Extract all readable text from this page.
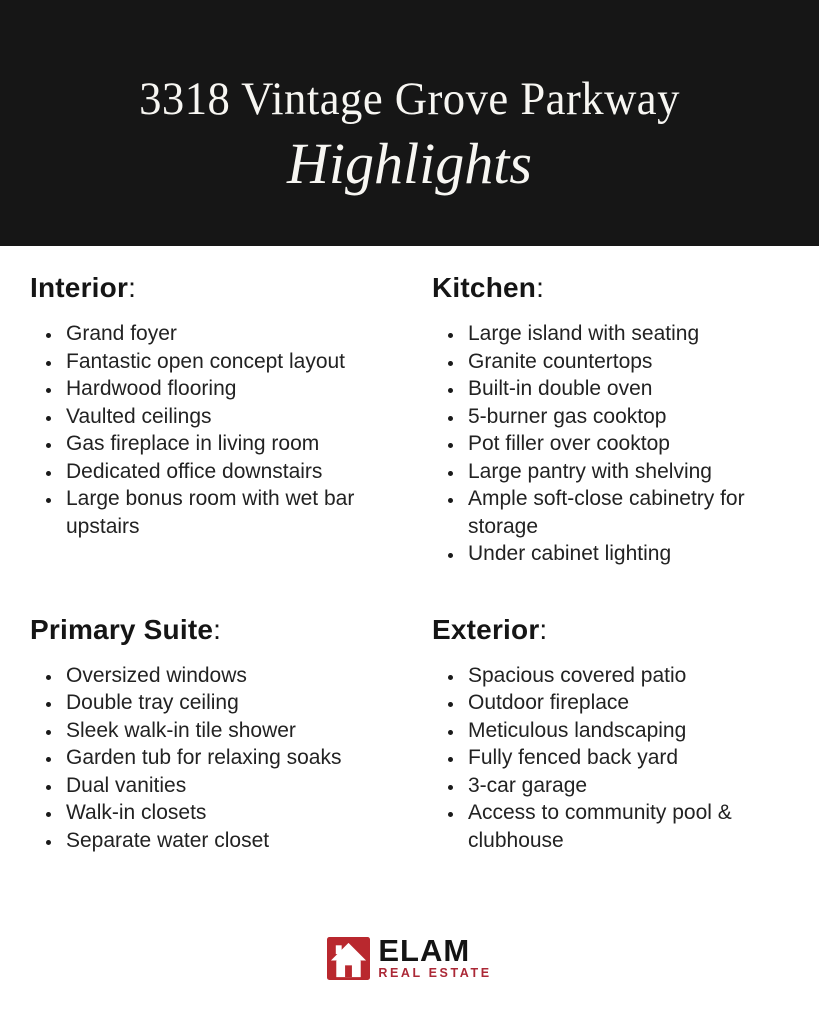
3318 Vintage Grove Parkway
Highlights
Interior:
• Grand foyer
• Fantastic open concept layout
• Hardwood flooring
• Vaulted ceilings
• Gas fireplace in living room
• Dedicated office downstairs
• Large bonus room with wet bar upstairs
Kitchen:
• Large island with seating
• Granite countertops
• Built-in double oven
• 5-burner gas cooktop
• Pot filler over cooktop
• Large pantry with shelving
• Ample soft-close cabinetry for storage
• Under cabinet lighting
Primary Suite:
• Oversized windows
• Double tray ceiling
• Sleek walk-in tile shower
• Garden tub for relaxing soaks
• Dual vanities
• Walk-in closets
• Separate water closet
Exterior:
• Spacious covered patio
• Outdoor fireplace
• Meticulous landscaping
• Fully fenced back yard
• 3-car garage
• Access to community pool & clubhouse
ELAM
REAL ESTATE
